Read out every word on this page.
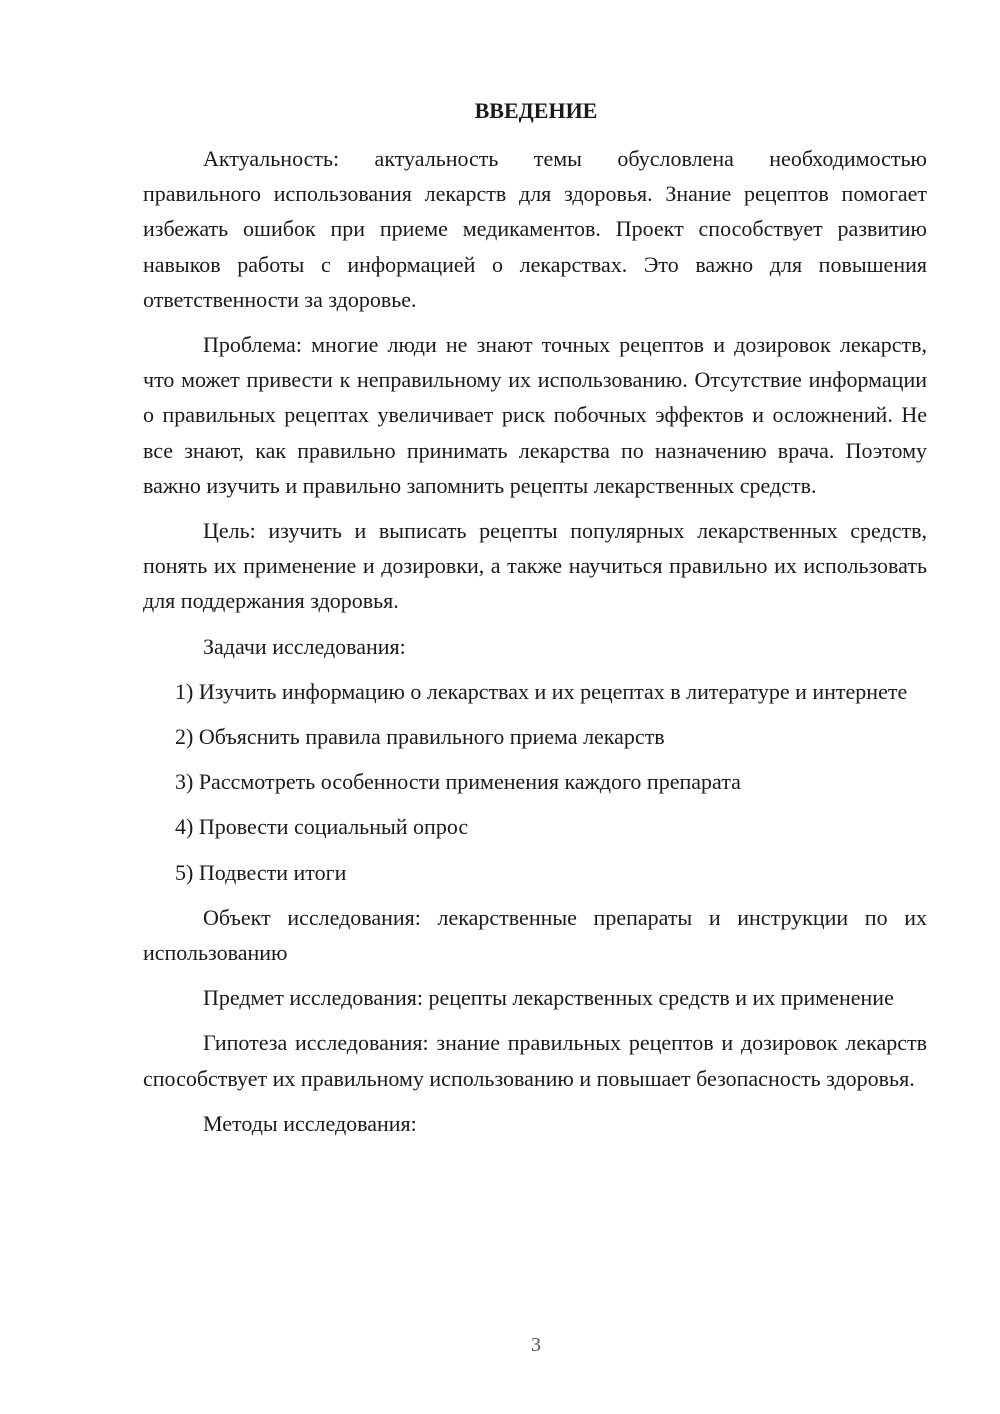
ВВЕДЕНИЕ

Актуальность: актуальность темы обусловлена необходимостью правильного использования лекарств для здоровья. Знание рецептов помогает избежать ошибок при приеме медикаментов. Проект способствует развитию навыков работы с информацией о лекарствах. Это важно для повышения ответственности за здоровье.

Проблема: многие люди не знают точных рецептов и дозировок лекарств, что может привести к неправильному их использованию. Отсутствие информации о правильных рецептах увеличивает риск побочных эффектов и осложнений. Не все знают, как правильно принимать лекарства по назначению врача. Поэтому важно изучить и правильно запомнить рецепты лекарственных средств.

Цель: изучить и выписать рецепты популярных лекарственных средств, понять их применение и дозировки, а также научиться правильно их использовать для поддержания здоровья.

Задачи исследования:

1) Изучить информацию о лекарствах и их рецептах в литературе и интернете

2) Объяснить правила правильного приема лекарств

3) Рассмотреть особенности применения каждого препарата

4) Провести социальный опрос

5) Подвести итоги

Объект исследования: лекарственные препараты и инструкции по их использованию

Предмет исследования: рецепты лекарственных средств и их применение

Гипотеза исследования: знание правильных рецептов и дозировок лекарств способствует их правильному использованию и повышает безопасность здоровья.

Методы исследования:

3
